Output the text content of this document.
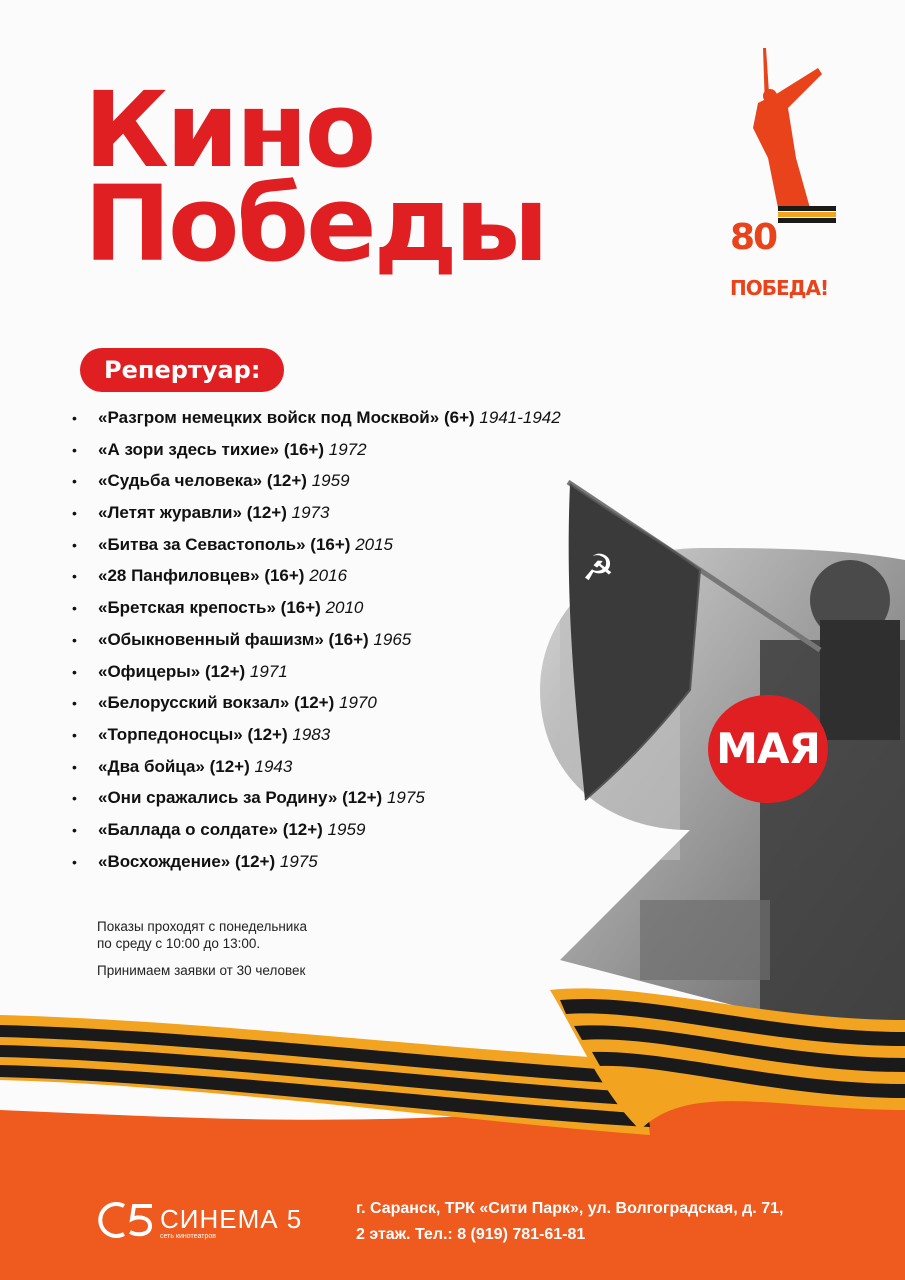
☭
Кино
Победы	80
ПОБЕДА!
Репертуар:
• «Разгром немецких войск под Москвой» (6+) 1941-1942
• «А зори здесь тихие» (16+) 1972
• «Судьба человека» (12+) 1959
• «Летят журавли» (12+) 1973
• «Битва за Севастополь» (16+) 2015
• «28 Панфиловцев» (16+) 2016
• «Бретская крепость» (16+) 2010
• «Обыкновенный фашизм» (16+) 1965
• «Офицеры» (12+) 1971
• «Белорусский вокзал» (12+) 1970
• «Торпедоносцы» (12+) 1983
• «Два бойца» (12+) 1943
• «Они сражались за Родину» (12+) 1975
• «Баллада о солдате» (12+) 1959
• «Восхождение» (12+) 1975

Показы проходят с понедельника
по среду с 10:00 до 13:00.

Принимаем заявки от 30 человек

МАЯ
СИНЕМА 5
сеть кинотеатров
г. Саранск, ТРК «Сити Парк», ул. Волгоградская, д. 71,
2 этаж. Тел.: 8 (919) 781-61-81
